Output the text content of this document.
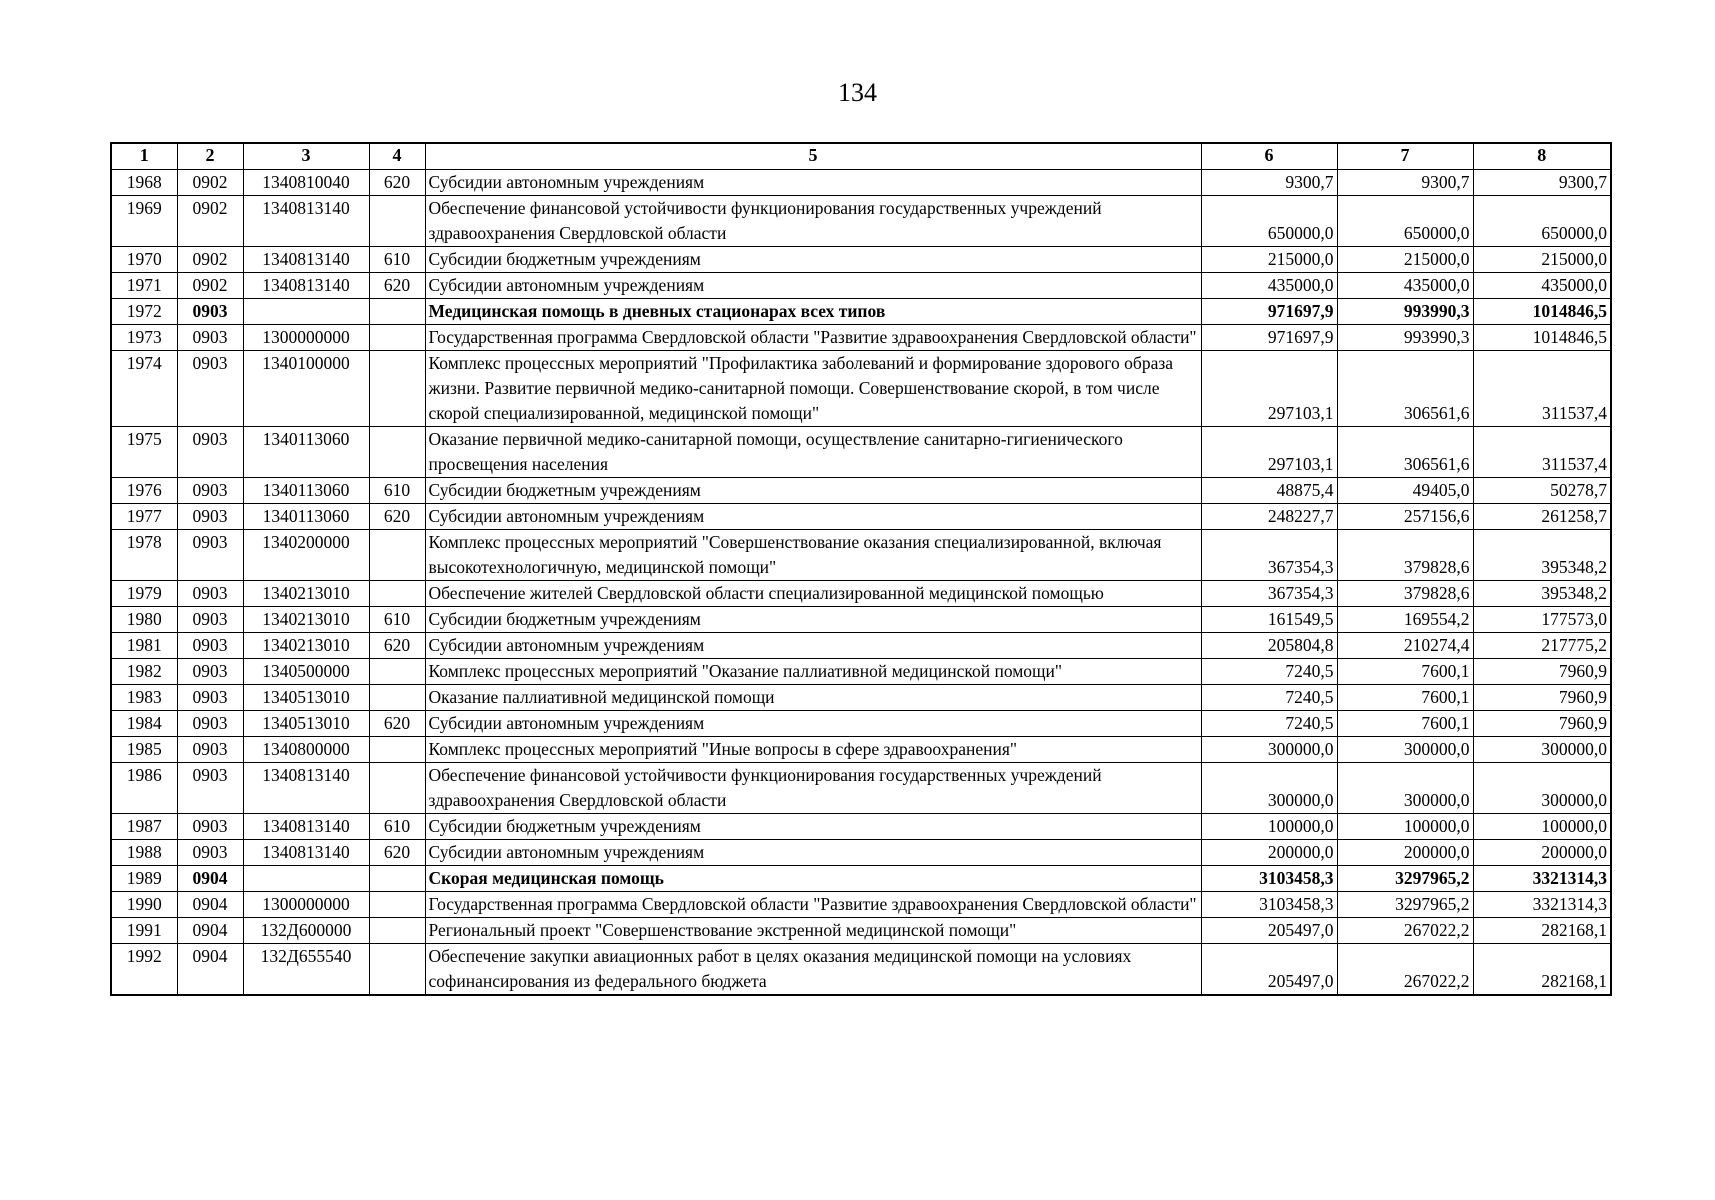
134
1	2	3	4	5	6	7	8
1968	0902	1340810040	620	Субсидии автономным учреждениям	9300,7	9300,7	9300,7
1969	0902	1340813140		Обеспечение финансовой устойчивости функционирования государственных учреждений здравоохранения Свердловской области	650000,0	650000,0	650000,0
1970	0902	1340813140	610	Субсидии бюджетным учреждениям	215000,0	215000,0	215000,0
1971	0902	1340813140	620	Субсидии автономным учреждениям	435000,0	435000,0	435000,0
1972	0903			Медицинская помощь в дневных стационарах всех типов	971697,9	993990,3	1014846,5
1973	0903	1300000000		Государственная программа Свердловской области "Развитие здравоохранения Свердловской области"	971697,9	993990,3	1014846,5
1974	0903	1340100000		Комплекс процессных мероприятий "Профилактика заболеваний и формирование здорового образа жизни. Развитие первичной медико-санитарной помощи. Совершенствование скорой, в том числе скорой специализированной, медицинской помощи"	297103,1	306561,6	311537,4
1975	0903	1340113060		Оказание первичной медико-санитарной помощи, осуществление санитарно-гигиенического просвещения населения	297103,1	306561,6	311537,4
1976	0903	1340113060	610	Субсидии бюджетным учреждениям	48875,4	49405,0	50278,7
1977	0903	1340113060	620	Субсидии автономным учреждениям	248227,7	257156,6	261258,7
1978	0903	1340200000		Комплекс процессных мероприятий "Совершенствование оказания специализированной, включая высокотехнологичную, медицинской помощи"	367354,3	379828,6	395348,2
1979	0903	1340213010		Обеспечение жителей Свердловской области специализированной медицинской помощью	367354,3	379828,6	395348,2
1980	0903	1340213010	610	Субсидии бюджетным учреждениям	161549,5	169554,2	177573,0
1981	0903	1340213010	620	Субсидии автономным учреждениям	205804,8	210274,4	217775,2
1982	0903	1340500000		Комплекс процессных мероприятий "Оказание паллиативной медицинской помощи"	7240,5	7600,1	7960,9
1983	0903	1340513010		Оказание паллиативной медицинской помощи	7240,5	7600,1	7960,9
1984	0903	1340513010	620	Субсидии автономным учреждениям	7240,5	7600,1	7960,9
1985	0903	1340800000		Комплекс процессных мероприятий "Иные вопросы в сфере здравоохранения"	300000,0	300000,0	300000,0
1986	0903	1340813140		Обеспечение финансовой устойчивости функционирования государственных учреждений здравоохранения Свердловской области	300000,0	300000,0	300000,0
1987	0903	1340813140	610	Субсидии бюджетным учреждениям	100000,0	100000,0	100000,0
1988	0903	1340813140	620	Субсидии автономным учреждениям	200000,0	200000,0	200000,0
1989	0904			Скорая медицинская помощь	3103458,3	3297965,2	3321314,3
1990	0904	1300000000		Государственная программа Свердловской области "Развитие здравоохранения Свердловской области"	3103458,3	3297965,2	3321314,3
1991	0904	132Д600000		Региональный проект "Совершенствование экстренной медицинской помощи"	205497,0	267022,2	282168,1
1992	0904	132Д655540		Обеспечение закупки авиационных работ в целях оказания медицинской помощи на условиях софинансирования из федерального бюджета	205497,0	267022,2	282168,1
